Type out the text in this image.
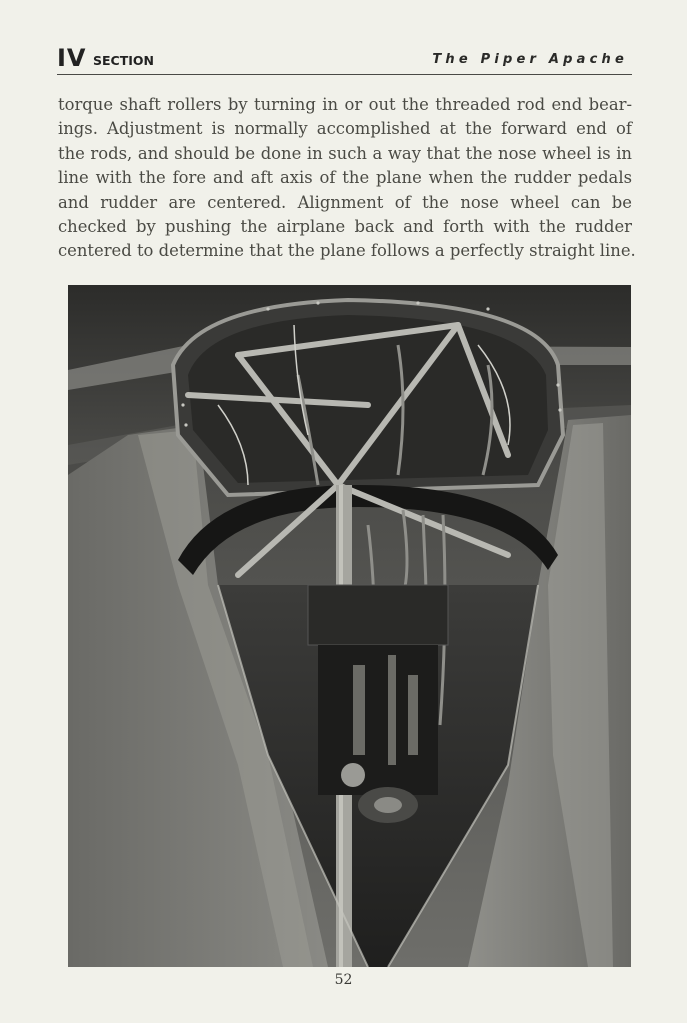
IV SECTION	The Piper Apache
torque shaft rollers by turning in or out the threaded rod end bear-
ings. Adjustment is normally accomplished at the forward end of
the rods, and should be done in such a way that the nose wheel is in
line with the fore and aft axis of the plane when the rudder pedals
and rudder are centered. Alignment of the nose wheel can be
checked by pushing the airplane back and forth with the rudder
centered to determine that the plane follows a perfectly straight line.
52
